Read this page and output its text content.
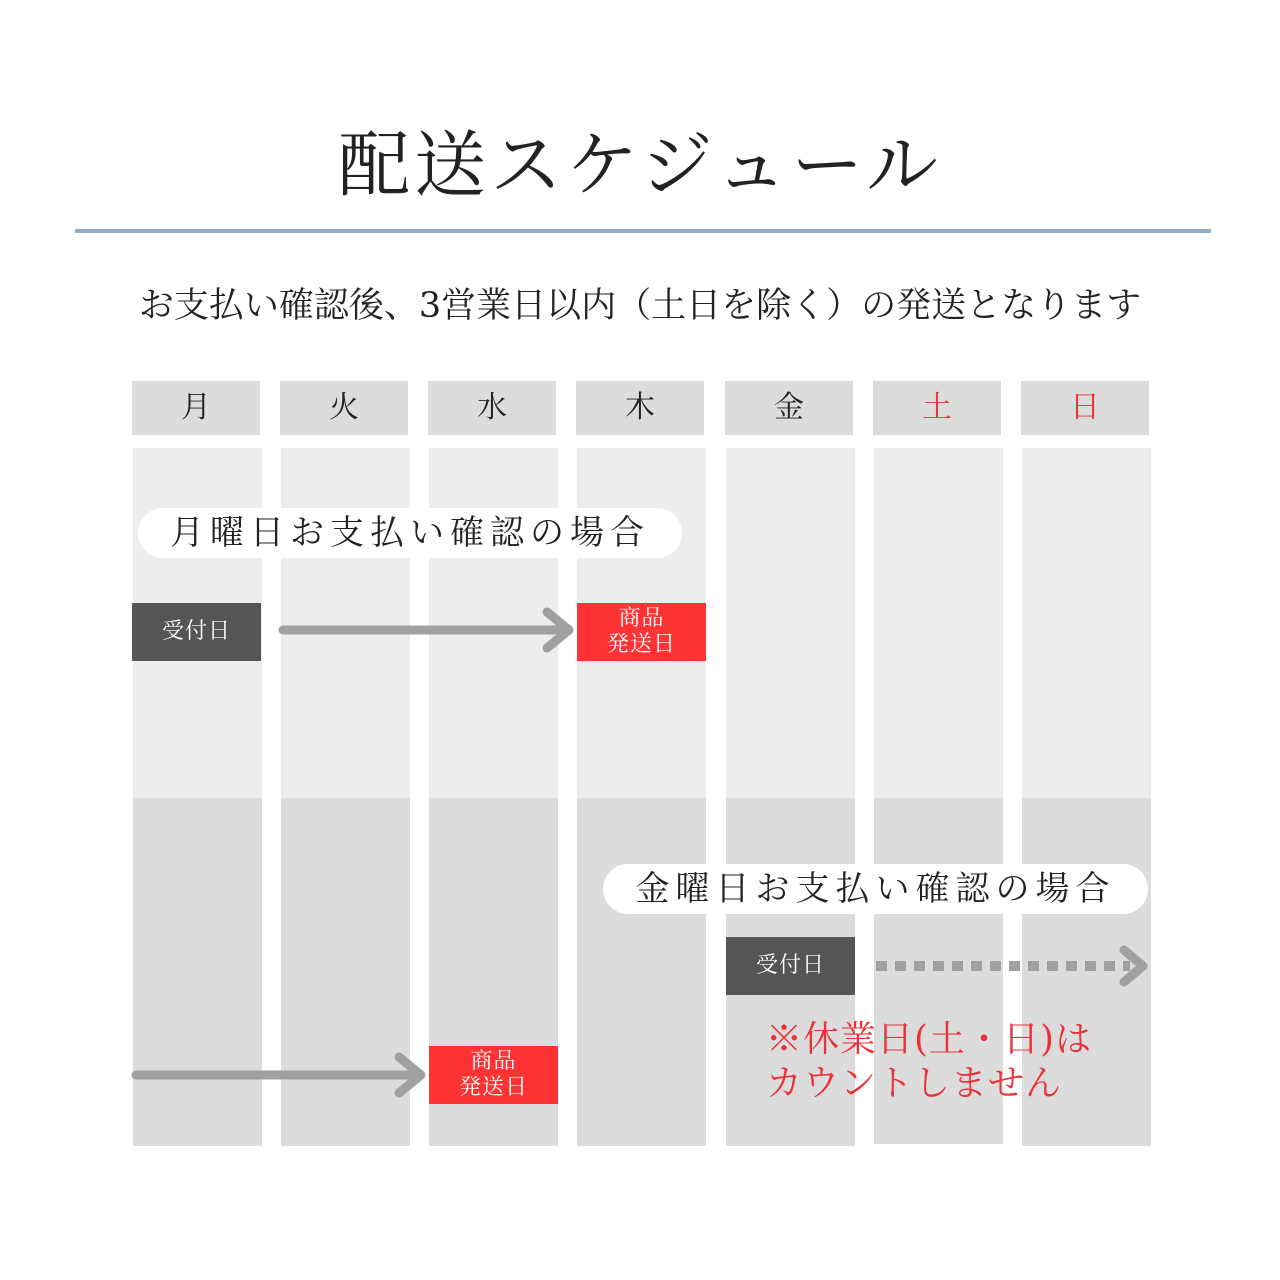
配送スケジュール
お支払い確認後、3営業日以内（土日を除く）の発送となります
月	火	水	木	金	土	日
月曜日お支払い確認の場合
受付日
商品
発送日
金曜日お支払い確認の場合
受付日
商品
発送日
※休業日(土・日)は
カウントしません
